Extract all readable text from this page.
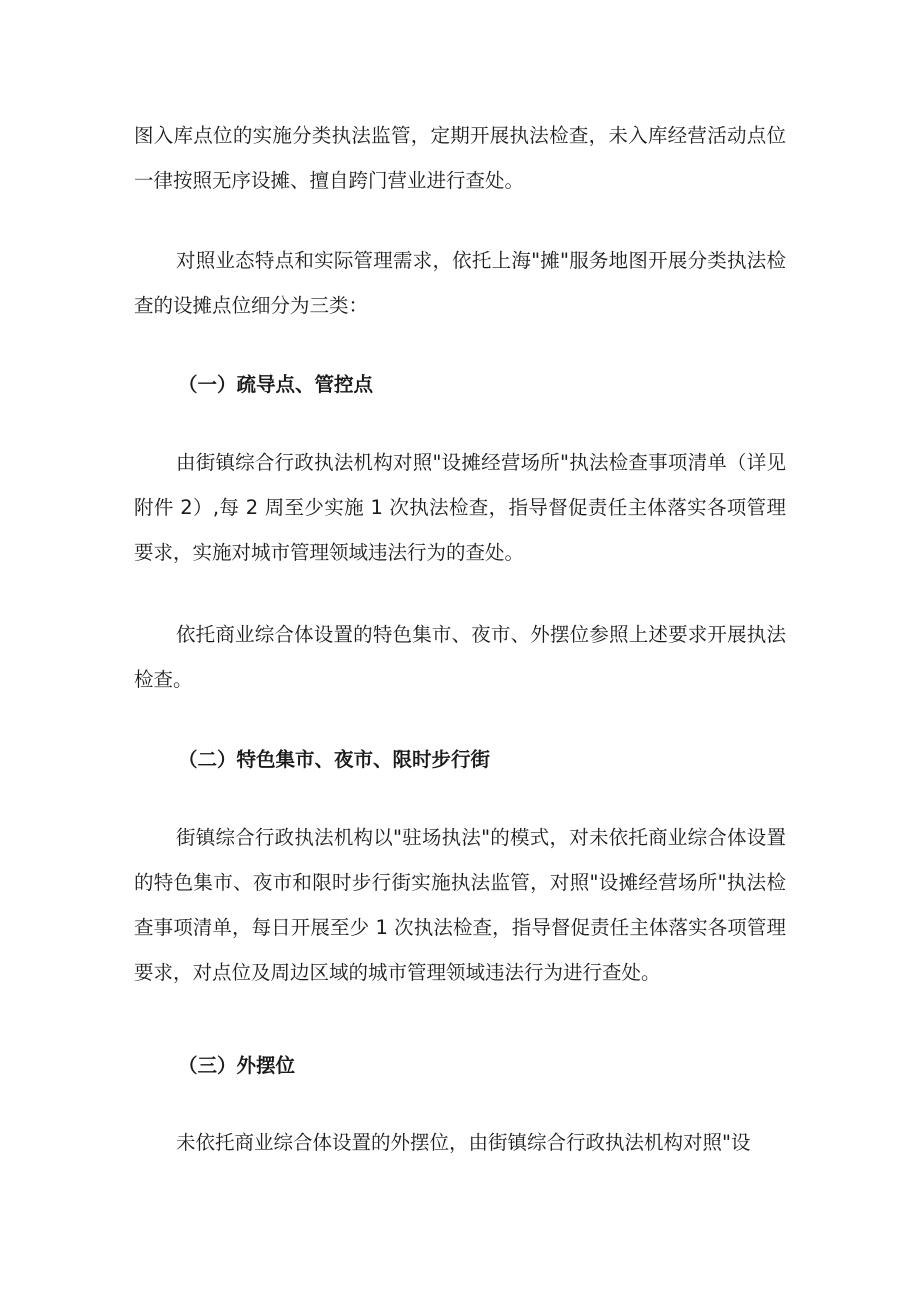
图入库点位的实施分类执法监管，定期开展执法检查，未入库经营活动点位一律按照无序设摊、擅自跨门营业进行查处。

对照业态特点和实际管理需求，依托上海"摊"服务地图开展分类执法检查的设摊点位细分为三类：

（一）疏导点、管控点

由街镇综合行政执法机构对照"设摊经营场所"执法检查事项清单（详见附件 2）,每 2 周至少实施 1 次执法检查，指导督促责任主体落实各项管理要求，实施对城市管理领域违法行为的查处。

依托商业综合体设置的特色集市、夜市、外摆位参照上述要求开展执法检查。

（二）特色集市、夜市、限时步行街

街镇综合行政执法机构以"驻场执法"的模式，对未依托商业综合体设置的特色集市、夜市和限时步行街实施执法监管，对照"设摊经营场所"执法检查事项清单，每日开展至少 1 次执法检查，指导督促责任主体落实各项管理要求，对点位及周边区域的城市管理领域违法行为进行查处。

（三）外摆位

未依托商业综合体设置的外摆位，由街镇综合行政执法机构对照"设
